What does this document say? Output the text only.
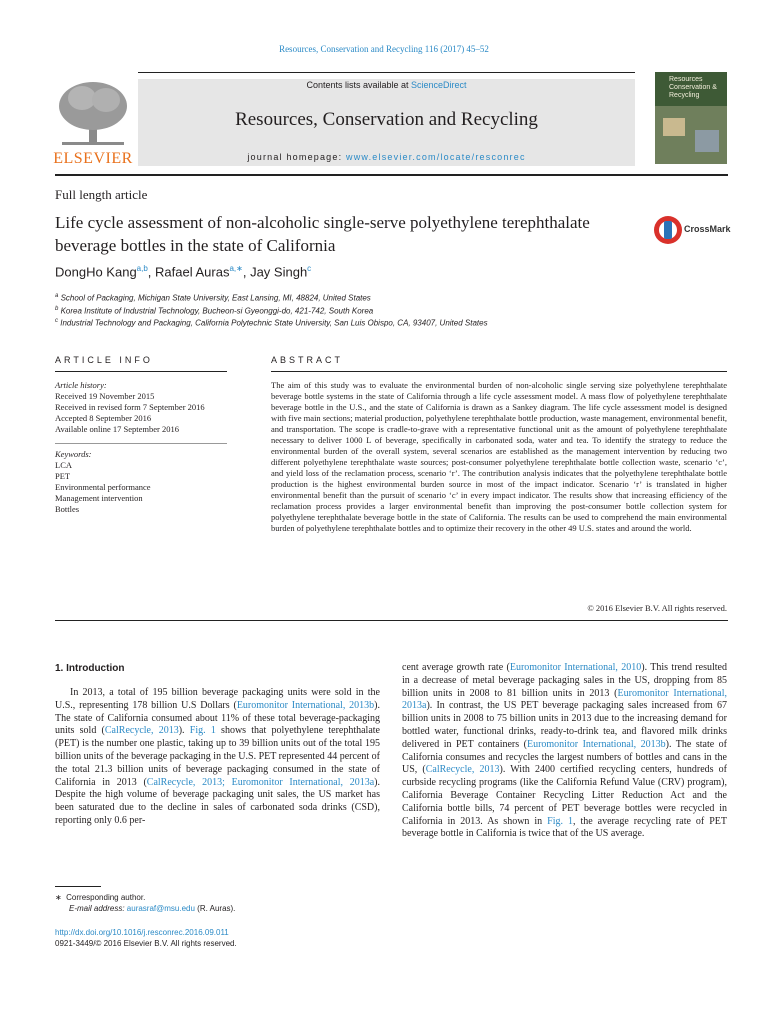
Resources, Conservation and Recycling 116 (2017) 45–52
ELSEVIER
Contents lists available at ScienceDirect
Resources, Conservation and Recycling
journal homepage: www.elsevier.com/locate/resconrec
Resources Conservation & Recycling
Full length article
Life cycle assessment of non-alcoholic single-serve polyethylene terephthalate beverage bottles in the state of California
CrossMark
DongHo Kang$^{a,b}$, Rafael Auras$^{a,∗}$, Jay Singh$^c$
$^a$ School of Packaging, Michigan State University, East Lansing, MI, 48824, United States
$^b$ Korea Institute of Industrial Technology, Bucheon-si Gyeonggi-do, 421-742, South Korea
$^c$ Industrial Technology and Packaging, California Polytechnic State University, San Luis Obispo, CA, 93407, United States
ARTICLE INFO	ABSTRACT
Article history:
Received 19 November 2015
Received in revised form 7 September 2016
Accepted 8 September 2016
Available online 17 September 2016
Keywords:
LCA
PET
Environmental performance
Management intervention
Bottles
The aim of this study was to evaluate the environmental burden of non-alcoholic single serving size polyethylene terephthalate beverage bottle systems in the state of California through a life cycle assessment model. A mass flow of polyethylene terephthalate beverage bottle in the U.S., and the state of California is drawn as a Sankey diagram. The life cycle assessment model is designed with five main sections; material production, polyethylene terephthalate bottle production, waste management, environmental benefit, and transportation. The scope is cradle-to-grave with a representative functional unit as the amount of polyethylene terephthalate necessary to deliver 1000 L of beverage, specifically in carbonated soda, water and tea. To identify the strategy to reduce the environmental burden of the overall system, several scenarios are established as the management intervention by reducing two different polyethylene terephthalate waste sources; post-consumer polyethylene terephthalate bottle collection waste, scenario ‘c’, and yield loss of the reclamation process, scenario ‘r’. The contribution analysis indicates that the polyethylene terephthalate bottle production is the highest environmental burden source in most of the impact indicator. Scenario ‘r’ is translated in higher environmental benefit than the pursuit of scenario ‘c’ in every impact indicator. The results show that increasing efficiency of the reclamation process provides a larger environmental benefit than improving the post-consumer bottle collection system for polyethylene terephthalate beverage bottle in the state of California. The results can be used to comprehend the main environmental burden of polyethylene terephthalate bottles and to optimize their recovery in the other 49 U.S. states and around the world.
© 2016 Elsevier B.V. All rights reserved.
1. Introduction

In 2013, a total of 195 billion beverage packaging units were sold in the U.S., representing 178 billion U.S Dollars (Euromonitor International, 2013b). The state of California consumed about 11% of these total beverage-packaging units sold (CalRecycle, 2013). Fig. 1 shows that polyethylene terephthalate (PET) is the number one plastic, taking up to 39 billion units out of the total 195 billion units of the beverage packaging in the U.S. PET represented 44 percent of the total 21.3 billion units of beverage packaging consumed in the state of California in 2013 (CalRecycle, 2013; Euromonitor International, 2013a). Despite the high volume of beverage packaging unit sales, the US market has been saturated due to the decline in sales of carbonated soda drinks (CSD), reporting only 0.6 per-

cent average growth rate (Euromonitor International, 2010). This trend resulted in a decrease of metal beverage packaging sales in the US, dropping from 85 billion units in 2008 to 81 billion units in 2013 (Euromonitor International, 2013a). In contrast, the US PET beverage packaging sales increased from 67 billion units in 2008 to 75 billion units in 2013 due to the increasing demand for bottled water, functional drinks, ready-to-drink tea, and flavored milk drinks delivered in PET containers (Euromonitor International, 2013b). The state of California consumes and recycles the largest numbers of bottles and cans in the US, (CalRecycle, 2013). With 2400 certified recycling centers, hundreds of curbside recycling programs (like the California Refund Value (CRV) program), California Beverage Container Recycling Litter Reduction Act and the California bottle bills, 74 percent of PET beverage bottles were recycled in California in 2013. As shown in Fig. 1, the average recycling rate of PET beverage bottle in California is twice that of the US average.

∗ Corresponding author.
E-mail address: aurasraf@msu.edu (R. Auras).
http://dx.doi.org/10.1016/j.resconrec.2016.09.011
0921-3449/© 2016 Elsevier B.V. All rights reserved.
